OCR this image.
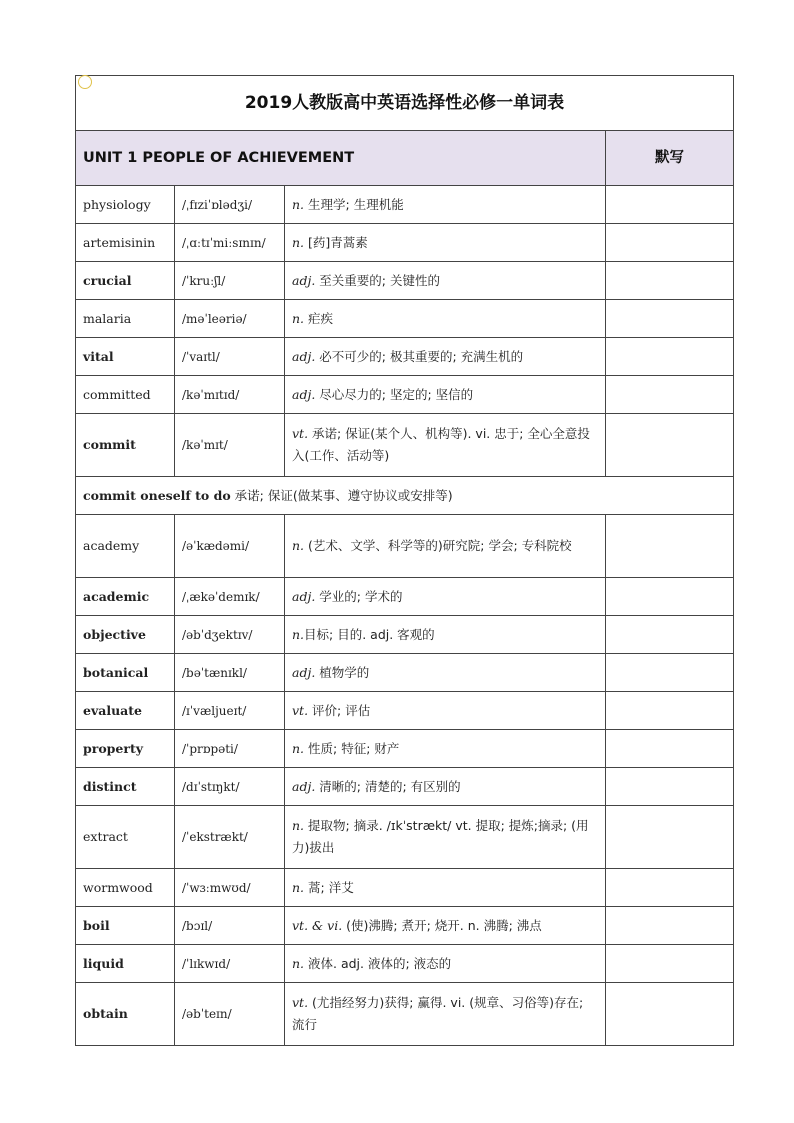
2019人教版高中英语选择性必修一单词表			
UNIT 1 PEOPLE OF ACHIEVEMENT			默写
physiology	/ˌfɪziˈɒlədʒi/	n. 生理学; 生理机能	
artemisinin	/ˌɑːtɪˈmiːsɪnɪn/	n. [药]青蒿素	
crucial	/ˈkruːʃl/	adj. 至关重要的; 关键性的	
malaria	/məˈleəriə/	n. 疟疾	
vital	/ˈvaɪtl/	adj. 必不可少的; 极其重要的; 充满生机的	
committed	/kəˈmɪtɪd/	adj. 尽心尽力的; 坚定的; 坚信的	
commit	/kəˈmɪt/	vt. 承诺; 保证(某个人、机构等). vi. 忠于; 全心全意投入(工作、活动等)	
commit oneself to do 承诺; 保证(做某事、遵守协议或安排等)			
academy	/əˈkædəmi/	n. (艺术、文学、科学等的)研究院; 学会; 专科院校	
academic	/ˌækəˈdemɪk/	adj. 学业的; 学术的	
objective	/əbˈdʒektɪv/	n.目标; 目的. adj. 客观的	
botanical	/bəˈtænɪkl/	adj. 植物学的	
evaluate	/ɪˈvæljueɪt/	vt. 评价; 评估	
property	/ˈprɒpəti/	n. 性质; 特征; 财产	
distinct	/dɪˈstɪŋkt/	adj. 清晰的; 清楚的; 有区别的	
extract	/ˈekstrækt/	n. 提取物; 摘录. /ɪkˈstrækt/ vt. 提取; 提炼;摘录; (用力)拔出	
wormwood	/ˈwɜːmwʊd/	n. 蒿; 洋艾	
boil	/bɔɪl/	vt. & vi. (使)沸腾; 煮开; 烧开. n. 沸腾; 沸点	
liquid	/ˈlɪkwɪd/	n. 液体. adj. 液体的; 液态的	
obtain	/əbˈteɪn/	vt. (尤指经努力)获得; 赢得. vi. (规章、习俗等)存在; 流行	
